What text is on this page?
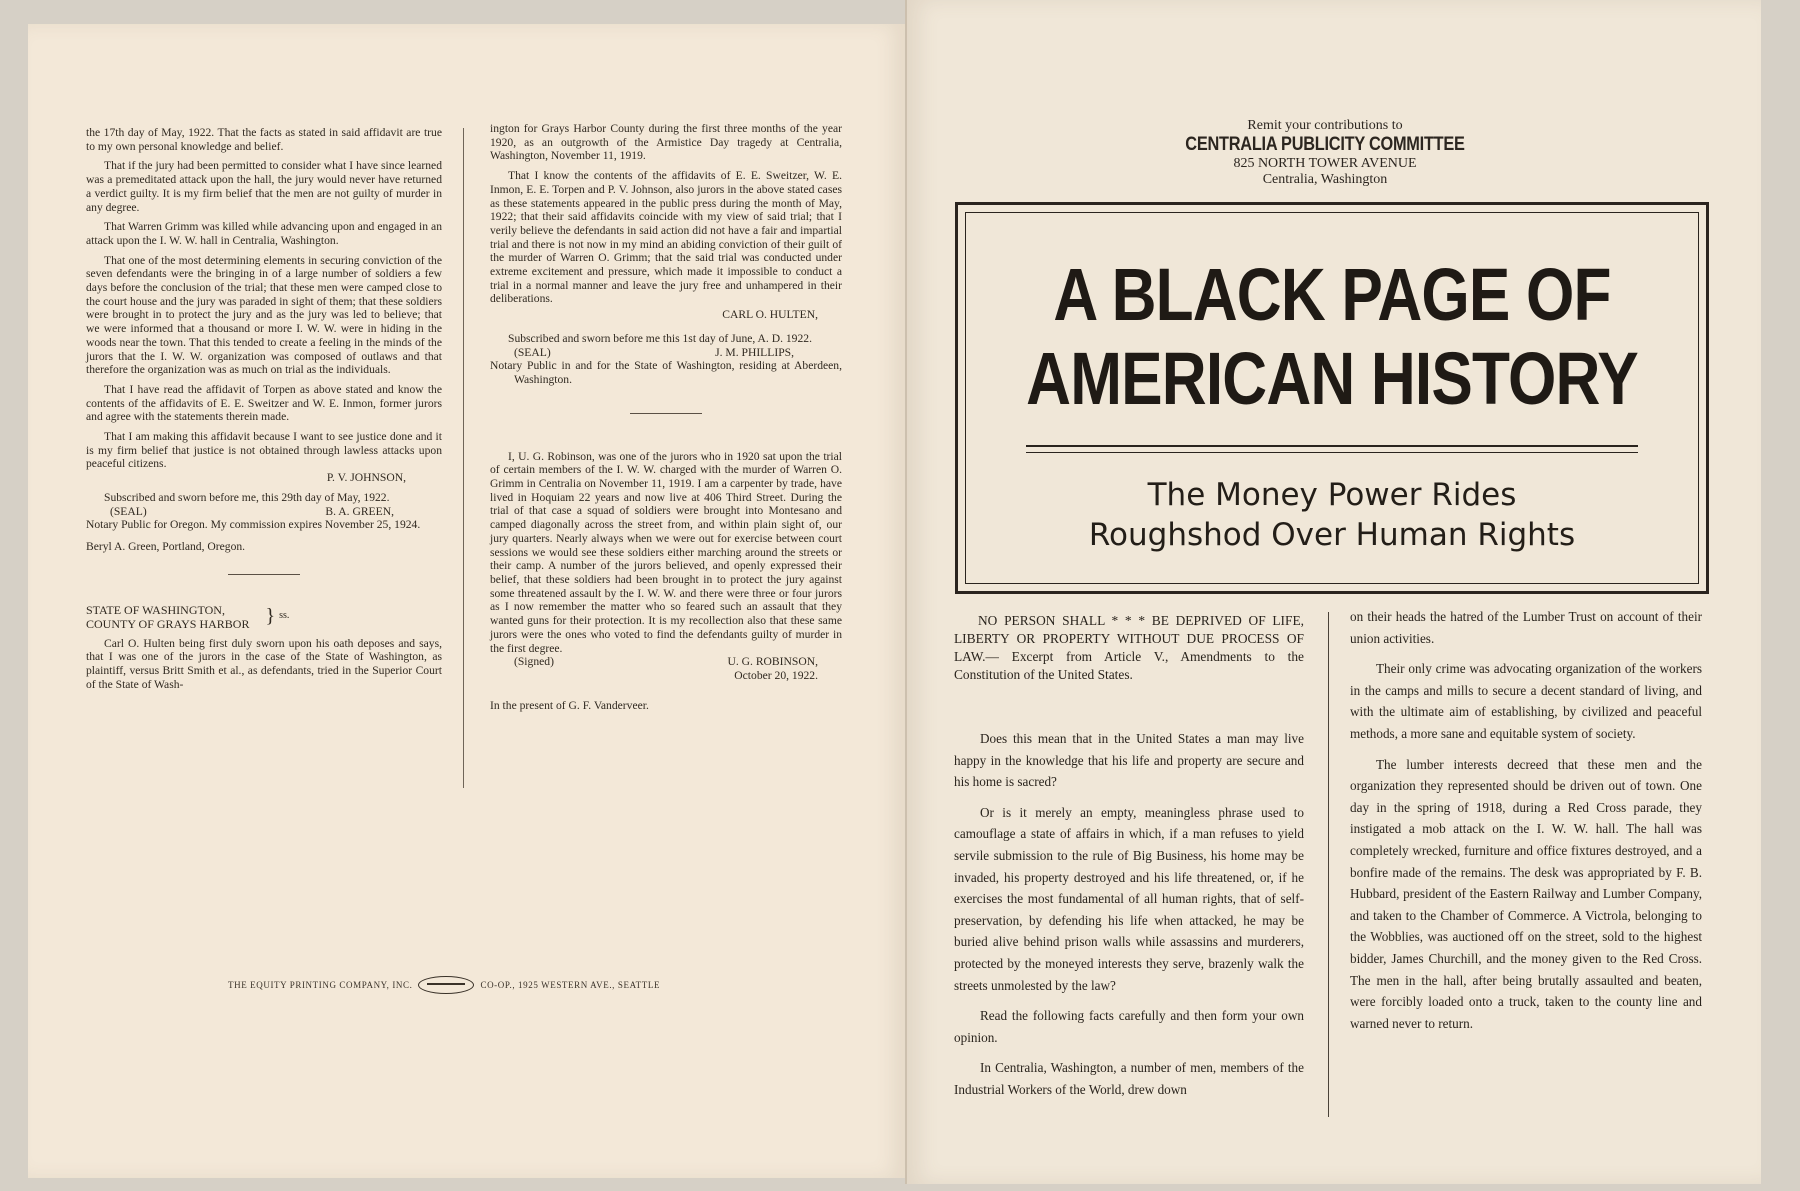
the 17th day of May, 1922. That the facts as stated in said affidavit are true to my own personal knowledge and belief.

That if the jury had been permitted to consider what I have since learned was a premeditated attack upon the hall, the jury would never have returned a verdict guilty. It is my firm belief that the men are not guilty of murder in any degree.

That Warren Grimm was killed while advancing upon and engaged in an attack upon the I. W. W. hall in Centralia, Washington.

That one of the most determining elements in securing conviction of the seven defendants were the bringing in of a large number of soldiers a few days before the conclusion of the trial; that these men were camped close to the court house and the jury was paraded in sight of them; that these soldiers were brought in to protect the jury and as the jury was led to believe; that we were informed that a thousand or more I. W. W. were in hiding in the woods near the town. That this tended to create a feeling in the minds of the jurors that the I. W. W. organization was composed of outlaws and that therefore the organization was as much on trial as the individuals.

That I have read the affidavit of Torpen as above stated and know the contents of the affidavits of E. E. Sweitzer and W. E. Inmon, former jurors and agree with the statements therein made.

That I am making this affidavit because I want to see justice done and it is my firm belief that justice is not obtained through lawless attacks upon peaceful citizens.

P. V. JOHNSON,

Subscribed and sworn before me, this 29th day of May, 1922.

(SEAL)	B. A. GREEN,

Notary Public for Oregon. My commission expires November 25, 1924.

Beryl A. Green, Portland, Oregon.

STATE OF WASHINGTON,
COUNTY OF GRAYS HARBOR } ss.

Carl O. Hulten being first duly sworn upon his oath deposes and says, that I was one of the jurors in the case of the State of Washington, as plaintiff, versus Britt Smith et al., as defendants, tried in the Superior Court of the State of Wash-

ington for Grays Harbor County during the first three months of the year 1920, as an outgrowth of the Armistice Day tragedy at Centralia, Washington, November 11, 1919.

That I know the contents of the affidavits of E. E. Sweitzer, W. E. Inmon, E. E. Torpen and P. V. Johnson, also jurors in the above stated cases as these statements appeared in the public press during the month of May, 1922; that their said affidavits coincide with my view of said trial; that I verily believe the defendants in said action did not have a fair and impartial trial and there is not now in my mind an abiding conviction of their guilt of the murder of Warren O. Grimm; that the said trial was conducted under extreme excitement and pressure, which made it impossible to conduct a trial in a normal manner and leave the jury free and unhampered in their deliberations.

CARL O. HULTEN,

Subscribed and sworn before me this 1st day of June, A. D. 1922.

(SEAL)	J. M. PHILLIPS,

Notary Public in and for the State of Washington, residing at Aberdeen, Washington.

I, U. G. Robinson, was one of the jurors who in 1920 sat upon the trial of certain members of the I. W. W. charged with the murder of Warren O. Grimm in Centralia on November 11, 1919. I am a carpenter by trade, have lived in Hoquiam 22 years and now live at 406 Third Street. During the trial of that case a squad of soldiers were brought into Montesano and camped diagonally across the street from, and within plain sight of, our jury quarters. Nearly always when we were out for exercise between court sessions we would see these soldiers either marching around the streets or their camp. A number of the jurors believed, and openly expressed their belief, that these soldiers had been brought in to protect the jury against some threatened assault by the I. W. W. and there were three or four jurors as I now remember the matter who so feared such an assault that they wanted guns for their protection. It is my recollection also that these same jurors were the ones who voted to find the defendants guilty of murder in the first degree.

(Signed)	U. G. ROBINSON,

October 20, 1922.

In the present of G. F. Vanderveer.

THE EQUITY PRINTING COMPANY, INC.	CO-OP., 1925 WESTERN AVE., SEATTLE
Remit your contributions to
CENTRALIA PUBLICITY COMMITTEE
825 NORTH TOWER AVENUE
Centralia, Washington
A BLACK PAGE OF
AMERICAN HISTORY
The Money Power Rides
Roughshod Over Human Rights

NO PERSON SHALL * * * BE DEPRIVED OF LIFE, LIBERTY OR PROPERTY WITHOUT DUE PROCESS OF LAW.— Excerpt from Article V., Amendments to the Constitution of the United States.

Does this mean that in the United States a man may live happy in the knowledge that his life and property are secure and his home is sacred?

Or is it merely an empty, meaningless phrase used to camouflage a state of affairs in which, if a man refuses to yield servile submission to the rule of Big Business, his home may be invaded, his property destroyed and his life threatened, or, if he exercises the most fundamental of all human rights, that of self-preservation, by defending his life when attacked, he may be buried alive behind prison walls while assassins and murderers, protected by the moneyed interests they serve, brazenly walk the streets unmolested by the law?

Read the following facts carefully and then form your own opinion.

In Centralia, Washington, a number of men, members of the Industrial Workers of the World, drew down

on their heads the hatred of the Lumber Trust on account of their union activities.

Their only crime was advocating organization of the workers in the camps and mills to secure a decent standard of living, and with the ultimate aim of establishing, by civilized and peaceful methods, a more sane and equitable system of society.

The lumber interests decreed that these men and the organization they represented should be driven out of town. One day in the spring of 1918, during a Red Cross parade, they instigated a mob attack on the I. W. W. hall. The hall was completely wrecked, furniture and office fixtures destroyed, and a bonfire made of the remains. The desk was appropriated by F. B. Hubbard, president of the Eastern Railway and Lumber Company, and taken to the Chamber of Commerce. A Victrola, belonging to the Wobblies, was auctioned off on the street, sold to the highest bidder, James Churchill, and the money given to the Red Cross. The men in the hall, after being brutally assaulted and beaten, were forcibly loaded onto a truck, taken to the county line and warned never to return.
